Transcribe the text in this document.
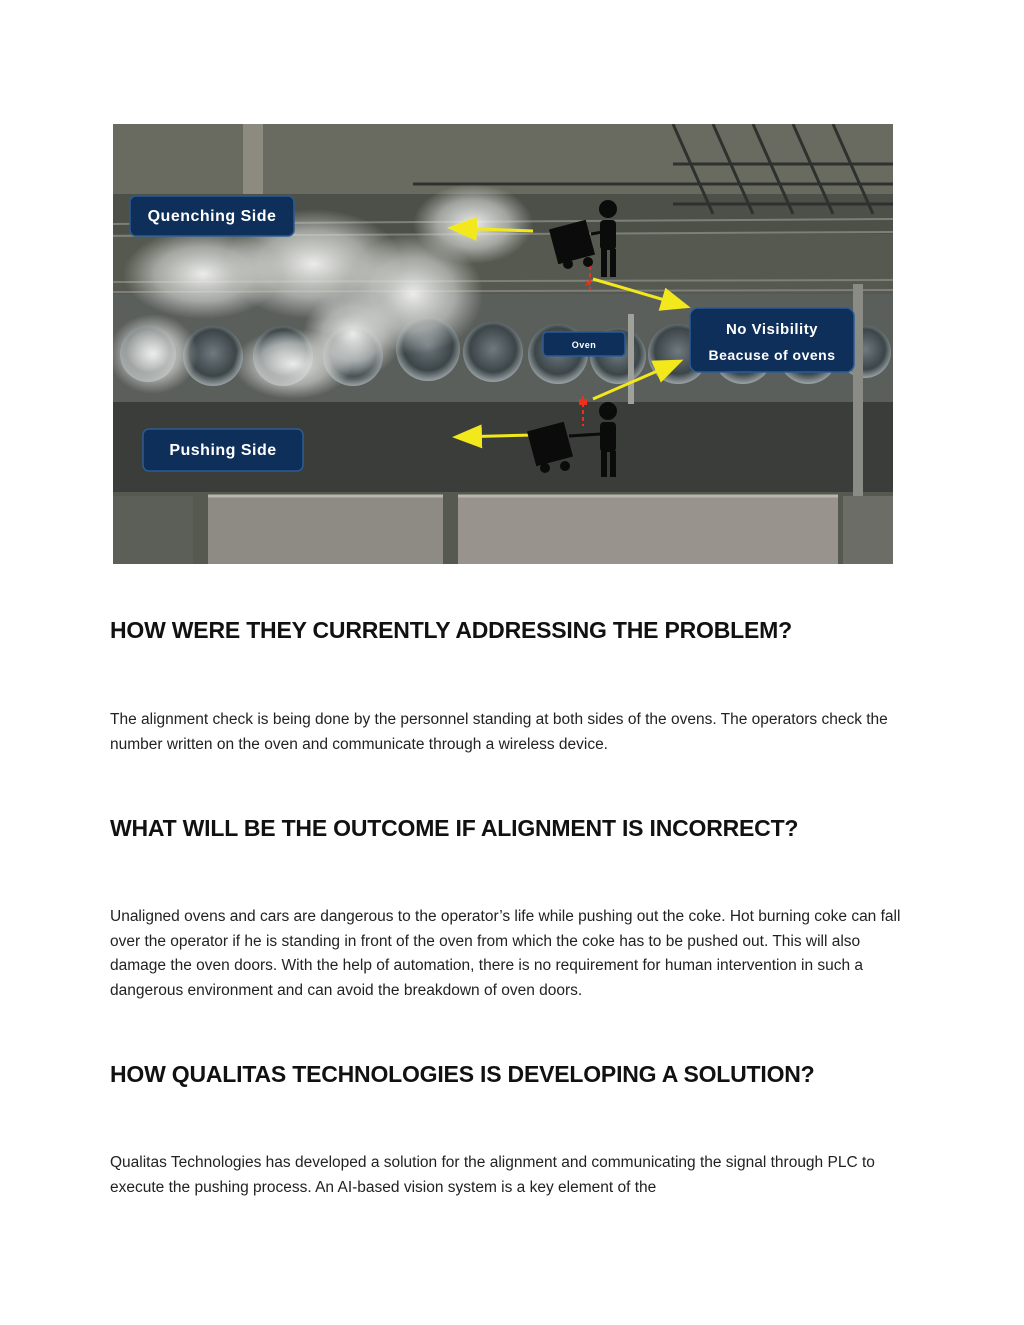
x
Quenching Side
Oven
No Visibility
Beacuse of ovens
Pushing Side
HOW WERE THEY CURRENTLY ADDRESSING THE PROBLEM?

The alignment check is being done by the personnel standing at both sides of the ovens. The operators check the number written on the oven and communicate through a wireless device.

WHAT WILL BE THE OUTCOME IF ALIGNMENT IS INCORRECT?

Unaligned ovens and cars are dangerous to the operator’s life while pushing out the coke. Hot burning coke can fall over the operator if he is standing in front of the oven from which the coke has to be pushed out. This will also damage the oven doors. With the help of automation, there is no requirement for human intervention in such a dangerous environment and can avoid the breakdown of oven doors.

HOW QUALITAS TECHNOLOGIES IS DEVELOPING A SOLUTION?

Qualitas Technologies has developed a solution for the alignment and communicating the signal through PLC to execute the pushing process. An AI-based vision system is a key element of the
